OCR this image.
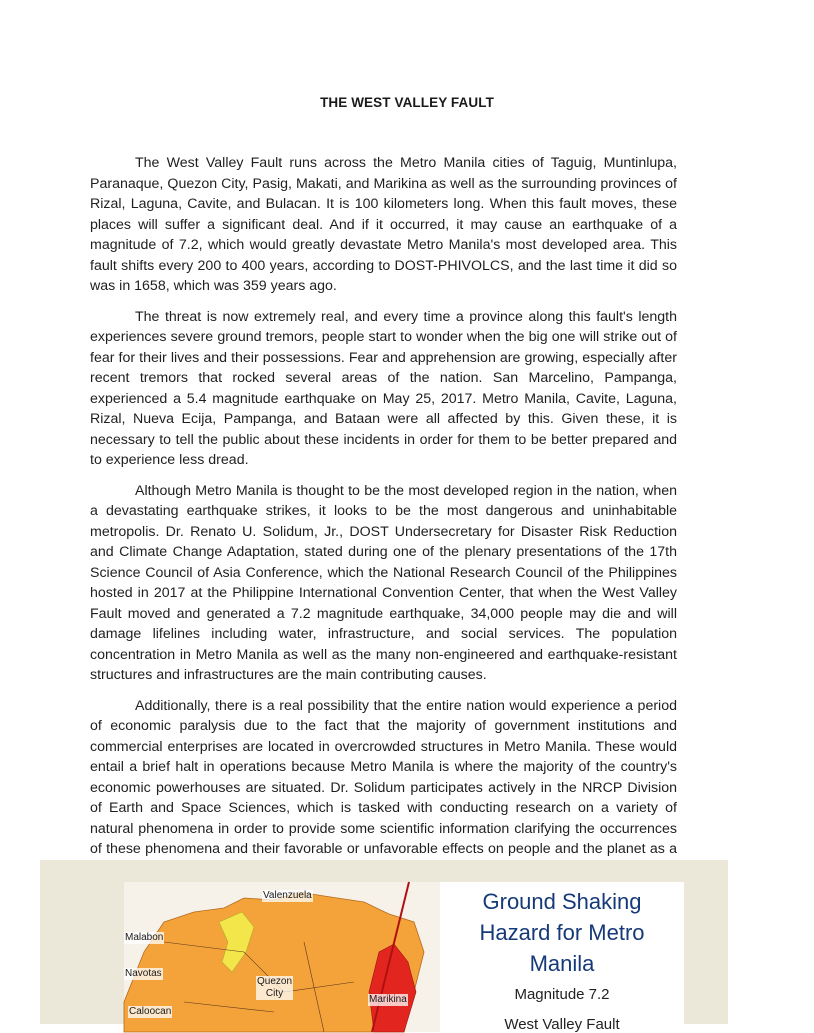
THE WEST VALLEY FAULT

The West Valley Fault runs across the Metro Manila cities of Taguig, Muntinlupa, Paranaque, Quezon City, Pasig, Makati, and Marikina as well as the surrounding provinces of Rizal, Laguna, Cavite, and Bulacan. It is 100 kilometers long. When this fault moves, these places will suffer a significant deal. And if it occurred, it may cause an earthquake of a magnitude of 7.2, which would greatly devastate Metro Manila's most developed area. This fault shifts every 200 to 400 years, according to DOST-PHIVOLCS, and the last time it did so was in 1658, which was 359 years ago.

The threat is now extremely real, and every time a province along this fault's length experiences severe ground tremors, people start to wonder when the big one will strike out of fear for their lives and their possessions. Fear and apprehension are growing, especially after recent tremors that rocked several areas of the nation. San Marcelino, Pampanga, experienced a 5.4 magnitude earthquake on May 25, 2017. Metro Manila, Cavite, Laguna, Rizal, Nueva Ecija, Pampanga, and Bataan were all affected by this. Given these, it is necessary to tell the public about these incidents in order for them to be better prepared and to experience less dread.

Although Metro Manila is thought to be the most developed region in the nation, when a devastating earthquake strikes, it looks to be the most dangerous and uninhabitable metropolis. Dr. Renato U. Solidum, Jr., DOST Undersecretary for Disaster Risk Reduction and Climate Change Adaptation, stated during one of the plenary presentations of the 17th Science Council of Asia Conference, which the National Research Council of the Philippines hosted in 2017 at the Philippine International Convention Center, that when the West Valley Fault moved and generated a 7.2 magnitude earthquake, 34,000 people may die and will damage lifelines including water, infrastructure, and social services. The population concentration in Metro Manila as well as the many non-engineered and earthquake-resistant structures and infrastructures are the main contributing causes.

Additionally, there is a real possibility that the entire nation would experience a period of economic paralysis due to the fact that the majority of government institutions and commercial enterprises are located in overcrowded structures in Metro Manila. These would entail a brief halt in operations because Metro Manila is where the majority of the country's economic powerhouses are situated. Dr. Solidum participates actively in the NRCP Division of Earth and Space Sciences, which is tasked with conducting research on a variety of natural phenomena in order to provide some scientific information clarifying the occurrences of these phenomena and their favorable or unfavorable effects on people and the planet as a

Valenzuela
Malabon
Navotas
Caloocan
Quezon
City
Marikina
Ground Shaking
Hazard for Metro
Manila
Magnitude 7.2
West Valley Fault
